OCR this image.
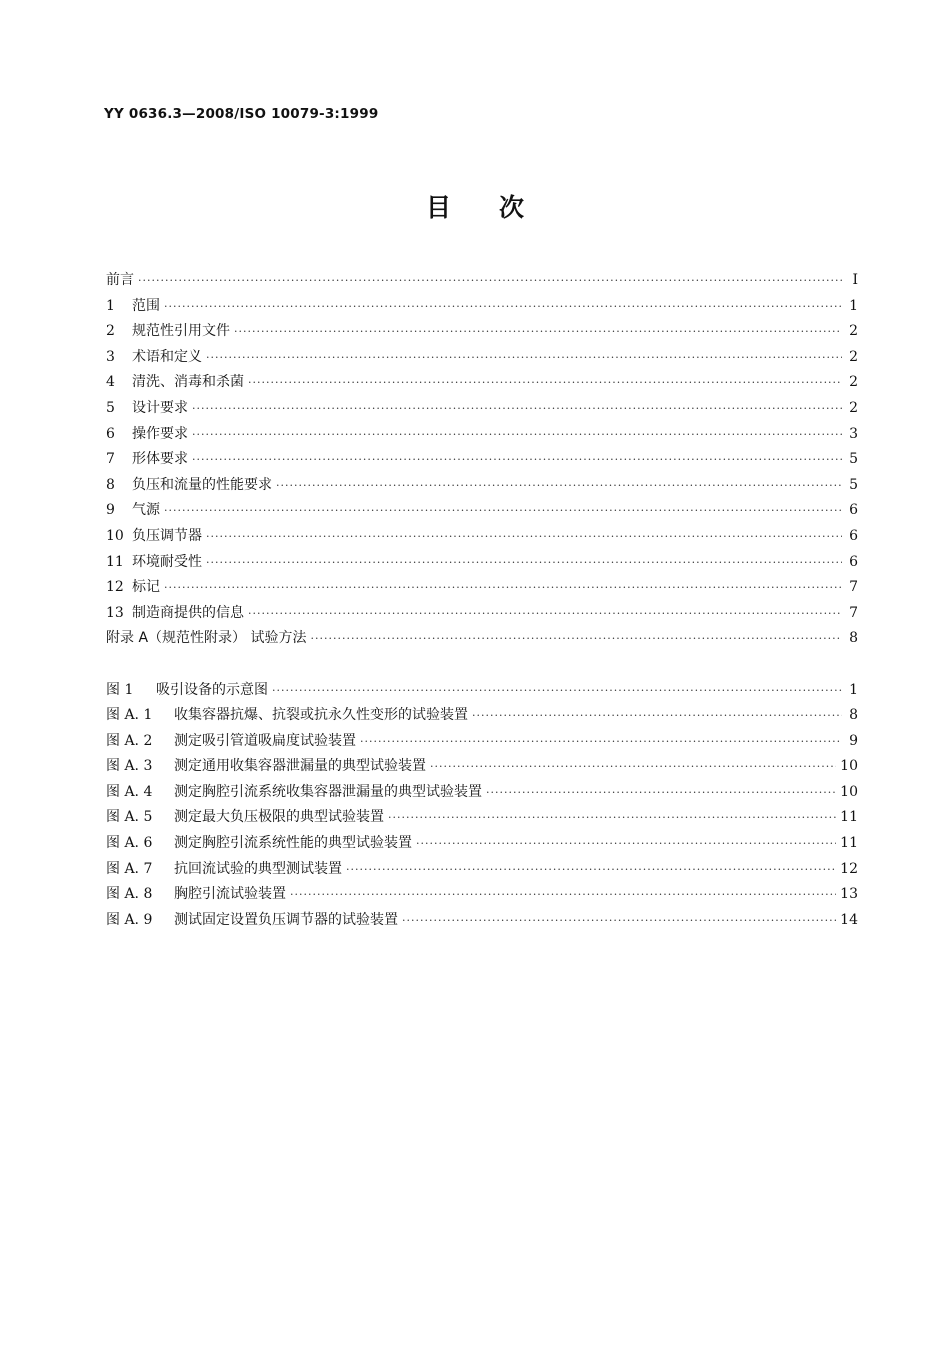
YY 0636.3—2008/ISO 10079-3:1999
目次
前言 ·····	I
1	范围 ·····	1
2	规范性引用文件 ·····	2
3	术语和定义 ·····	2
4	清洗、消毒和杀菌 ·····	2
5	设计要求 ·····	2
6	操作要求 ·····	3
7	形体要求 ·····	5
8	负压和流量的性能要求 ·····	5
9	气源 ·····	6
10 负压调节器 ·····	6
11 环境耐受性 ·····	6
12 标记 ·····	7
13 制造商提供的信息 ·····	7
附录 A（规范性附录） 试验方法 ·····	8
图 1	吸引设备的示意图 ·····	1
图 A. 1	收集容器抗爆、抗裂或抗永久性变形的试验装置 ·····	8
图 A. 2	测定吸引管道吸扁度试验装置 ·····	9
图 A. 3	测定通用收集容器泄漏量的典型试验装置 ·····	10
图 A. 4	测定胸腔引流系统收集容器泄漏量的典型试验装置 ·····	10
图 A. 5	测定最大负压极限的典型试验装置 ·····	11
图 A. 6	测定胸腔引流系统性能的典型试验装置 ·····	11
图 A. 7	抗回流试验的典型测试装置 ·····	12
图 A. 8	胸腔引流试验装置 ·····	13
图 A. 9	测试固定设置负压调节器的试验装置 ·····	14
